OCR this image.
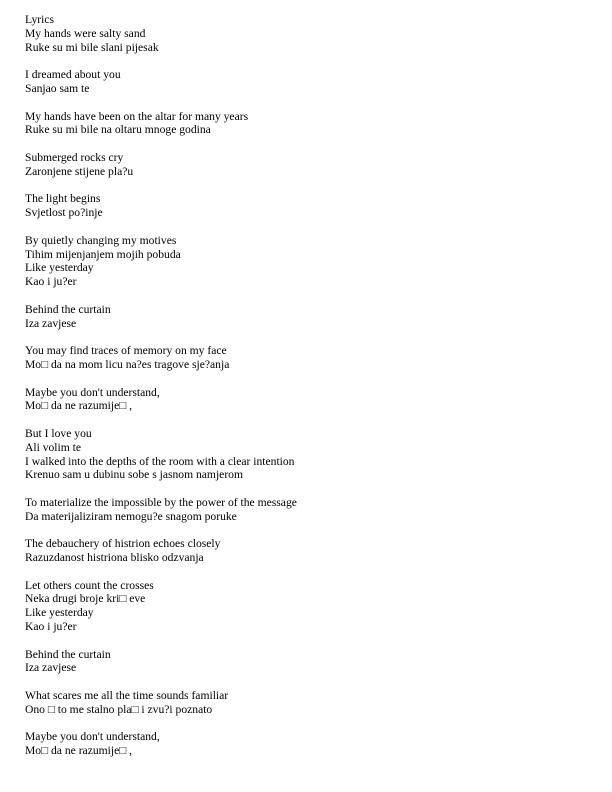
Lyrics
My hands were salty sand
Ruke su mi bile slani pijesak
I dreamed about you
Sanjao sam te
My hands have been on the altar for many years
Ruke su mi bile na oltaru mnoge godina
Submerged rocks cry
Zaronjene stijene pla?u
The light begins
Svjetlost po?inje
By quietly changing my motives
Tihim mijenjanjem mojih pobuda
Like yesterday
Kao i ju?er
Behind the curtain
Iza zavjese
You may find traces of memory on my face
Mo□ da na mom licu na?es tragove sje?anja
Maybe you don't understand,
Mo□ da ne razumije□ ,
But I love you
Ali volim te
I walked into the depths of the room with a clear intention
Krenuo sam u dubinu sobe s jasnom namjerom
To materialize the impossible by the power of the message
Da materijaliziram nemogu?e snagom poruke
The debauchery of histrion echoes closely
Razuzdanost histriona blisko odzvanja
Let others count the crosses
Neka drugi broje kri□ eve
Like yesterday
Kao i ju?er
Behind the curtain
Iza zavjese
What scares me all the time sounds familiar
Ono □ to me stalno pla□ i zvu?i poznato
Maybe you don't understand,
Mo□ da ne razumije□ ,
